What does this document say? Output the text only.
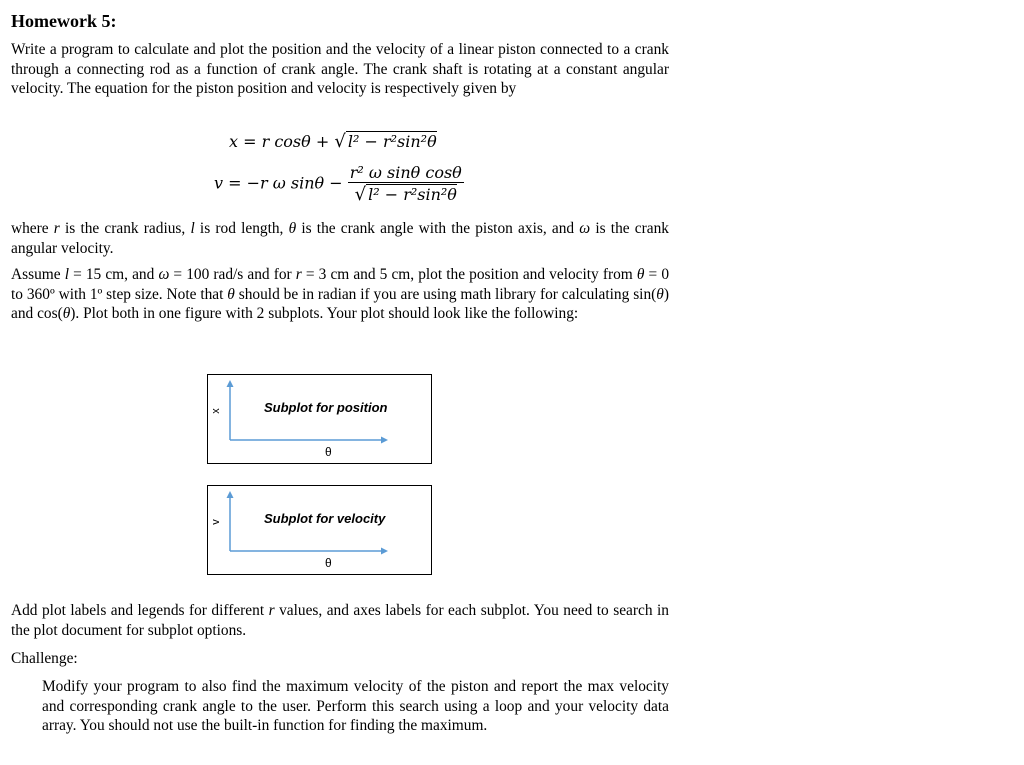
Homework 5:

Write a program to calculate and plot the position and the velocity of a linear piston connected to a crank through a connecting rod as a function of crank angle. The crank shaft is rotating at a constant angular velocity. The equation for the piston position and velocity is respectively given by

x = r cosθ + √ l² − r²sin²θ
v = −r ω $\sin\theta - \frac{\text{r² ω sinθ cosθ}}{\text{√ l² − r²sin²θ}}$

where r is the crank radius, l is rod length, θ is the crank angle with the piston axis, and ω is the crank angular velocity.

Assume l = 15 cm, and ω = 100 rad/s and for r = 3 cm and 5 cm, plot the position and velocity from θ = 0 to 360º with 1º step size. Note that θ should be in radian if you are using math library for calculating sin(θ) and cos(θ). Plot both in one figure with 2 subplots. Your plot should look like the following:

Add plot labels and legends for different r values, and axes labels for each subplot. You need to search in the plot document for subplot options.

Challenge:

Modify your program to also find the maximum velocity of the piston and report the max velocity and corresponding crank angle to the user. Perform this search using a loop and your velocity data array. You should not use the built-in function for finding the maximum.

x	Subplot for position
θ
v	Subplot for velocity
θ
